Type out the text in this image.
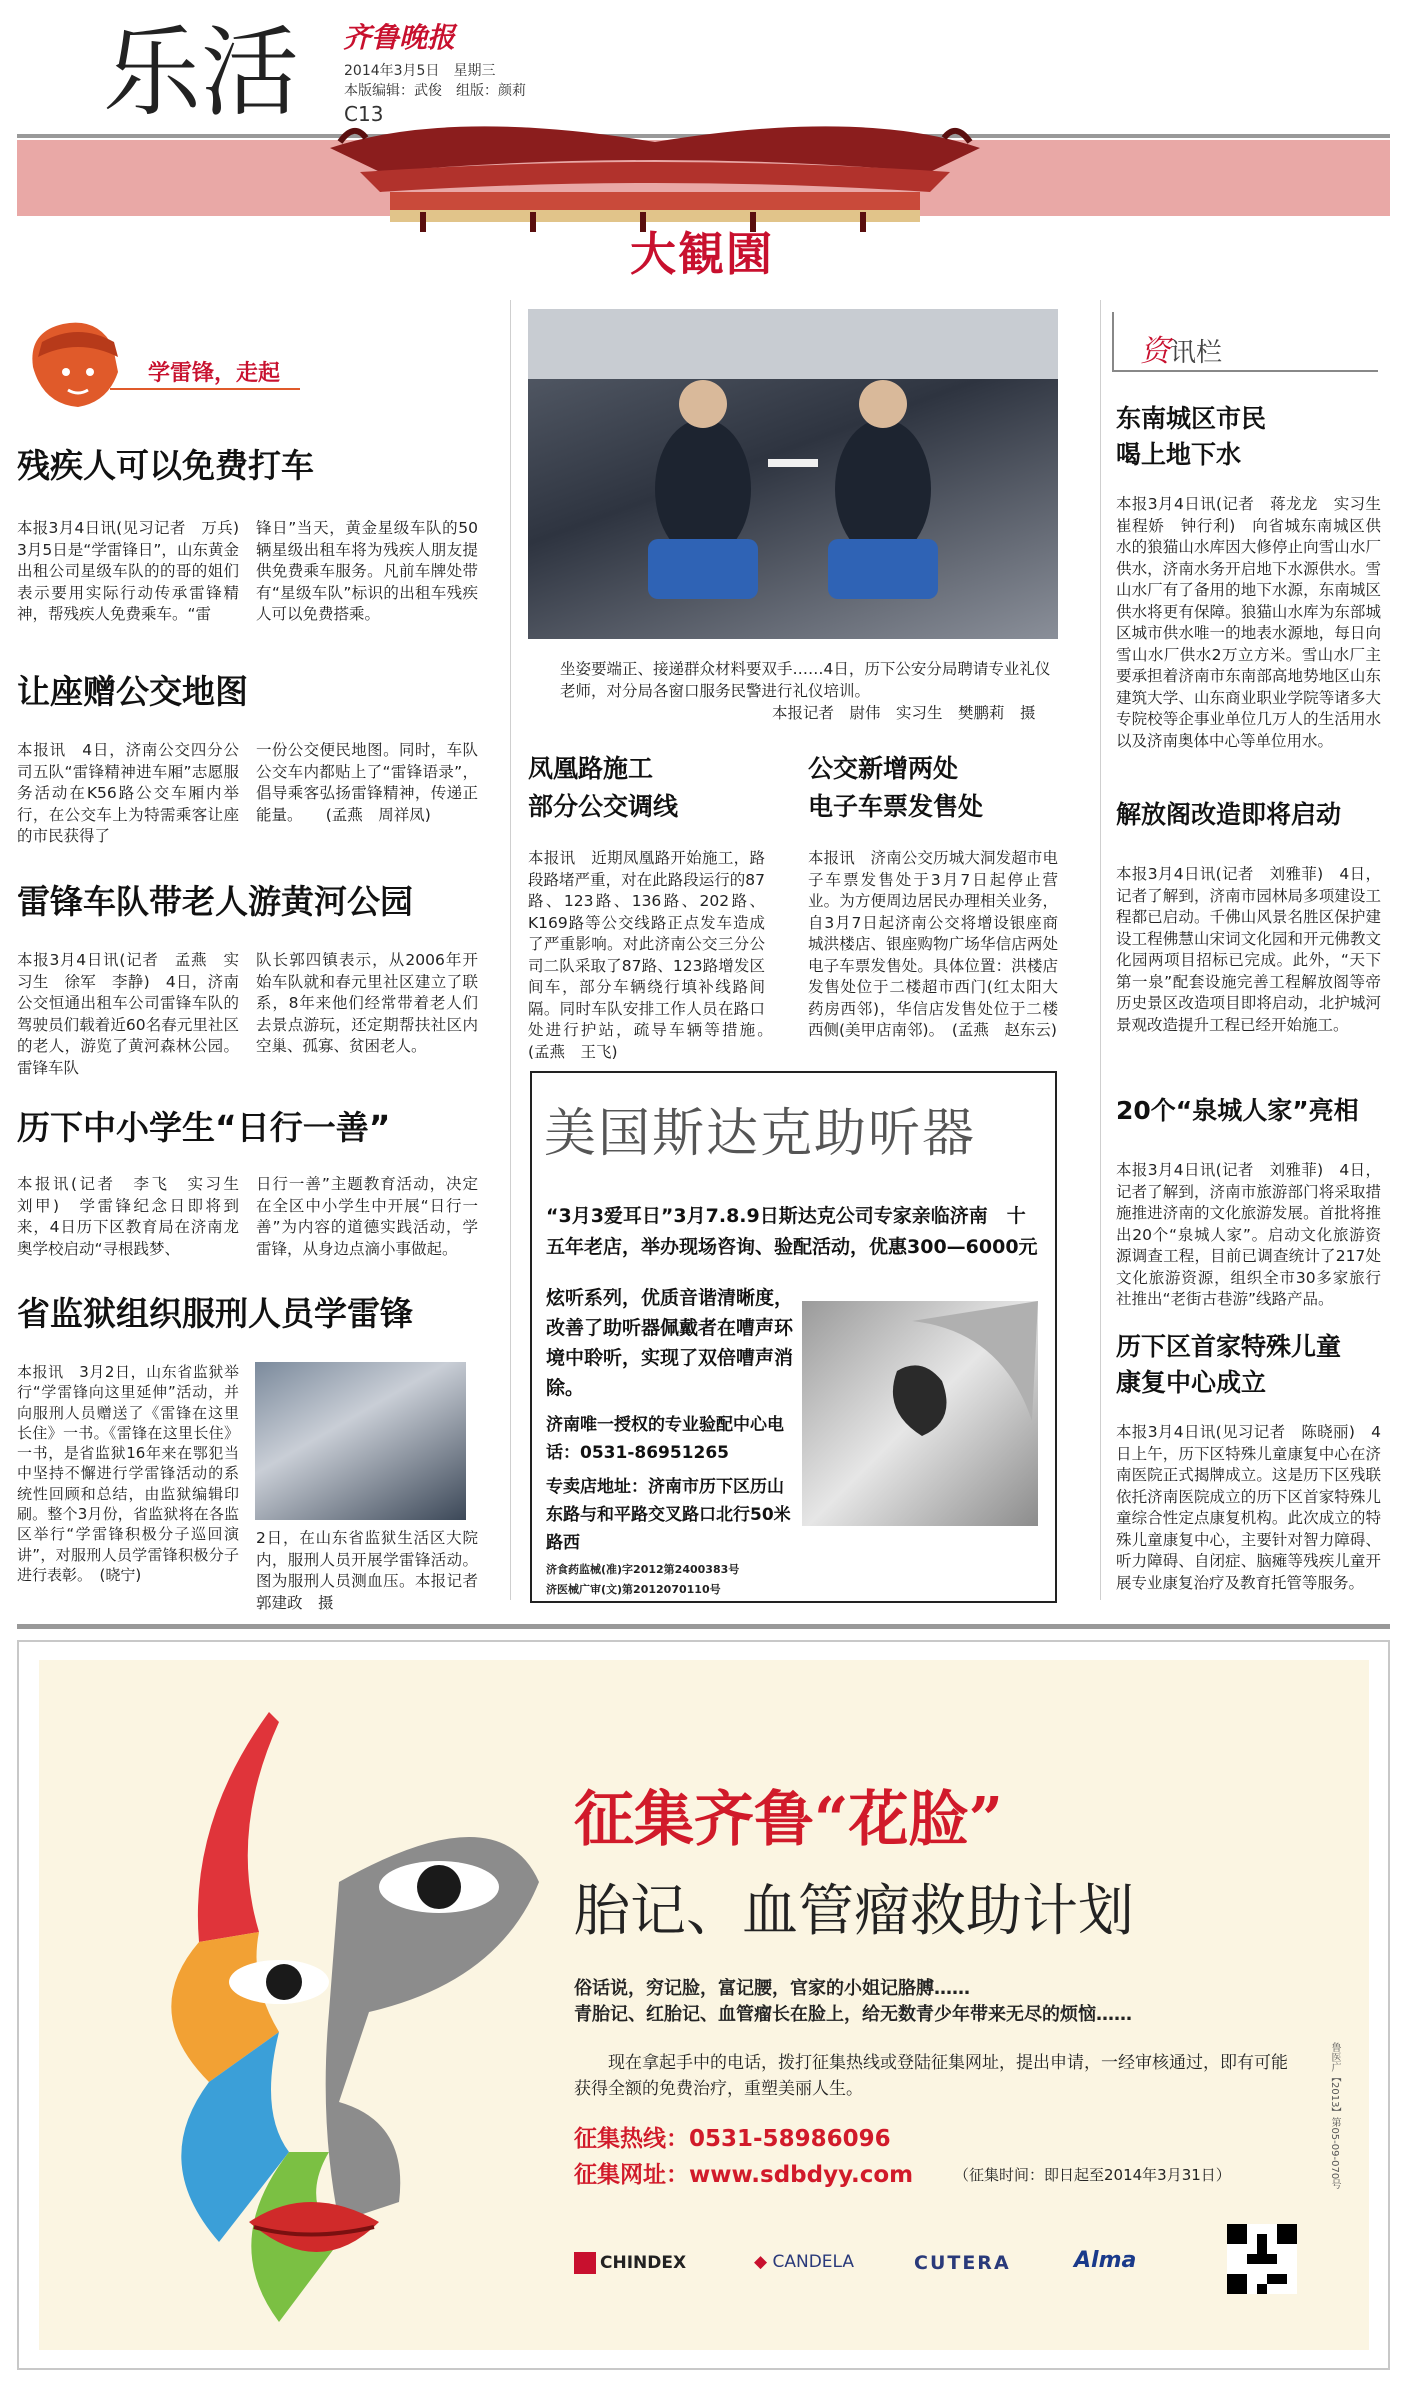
乐活 齐鲁晚报
2014年3月5日　星期三
本版编辑：武俊　组版：颜莉
C13
大観園
学雷锋，走起
残疾人可以免费打车
本报3月4日讯(见习记者　万兵)　3月5日是“学雷锋日”，山东黄金出租公司星级车队的的哥的姐们表示要用实际行动传承雷锋精神，帮残疾人免费乘车。“雷
锋日”当天，黄金星级车队的50辆星级出租车将为残疾人朋友提供免费乘车服务。凡前车牌处带有“星级车队”标识的出租车残疾人可以免费搭乘。
让座赠公交地图
本报讯　4日，济南公交四分公司五队“雷锋精神进车厢”志愿服务活动在K56路公交车厢内举行，在公交车上为特需乘客让座的市民获得了
一份公交便民地图。同时，车队公交车内都贴上了“雷锋语录”，倡导乘客弘扬雷锋精神，传递正能量。　　(孟燕　周祥凤)
雷锋车队带老人游黄河公园
本报3月4日讯(记者　孟燕　实习生　徐军　李静)　4日，济南公交恒通出租车公司雷锋车队的驾驶员们载着近60名春元里社区的老人，游览了黄河森林公园。雷锋车队
队长郭四镇表示，从2006年开始车队就和春元里社区建立了联系，8年来他们经常带着老人们去景点游玩，还定期帮扶社区内空巢、孤寡、贫困老人。
历下中小学生“日行一善”
本报讯(记者　李飞　实习生　刘甲)　学雷锋纪念日即将到来，4日历下区教育局在济南龙奥学校启动“寻根践梦、
日行一善”主题教育活动，决定在全区中小学生中开展“日行一善”为内容的道德实践活动，学雷锋，从身边点滴小事做起。
省监狱组织服刑人员学雷锋
本报讯　3月2日，山东省监狱举行“学雷锋向这里延伸”活动，并向服刑人员赠送了《雷锋在这里长住》一书。《雷锋在这里长住》一书，是省监狱16年来在鄂犯当中坚持不懈进行学雷锋活动的系统性回顾和总结，由监狱编辑印刷。整个3月份，省监狱将在各监区举行“学雷锋积极分子巡回演讲”，对服刑人员学雷锋积极分子进行表彰。　(晓宁)
2日，在山东省监狱生活区大院内，服刑人员开展学雷锋活动。图为服刑人员测血压。本报记者　郭建政　摄
坐姿要端正、接递群众材料要双手……4日，历下公安分局聘请专业礼仪老师，对分局各窗口服务民警进行礼仪培训。
本报记者　尉伟　实习生　樊鹏莉　摄
凤凰路施工
部分公交调线
本报讯　近期凤凰路开始施工，路段路堵严重，对在此路段运行的87路、123路、136路、202路、K169路等公交线路正点发车造成了严重影响。对此济南公交三分公司二队采取了87路、123路增发区间车，部分车辆绕行填补线路间隔。同时车队安排工作人员在路口处进行护站，疏导车辆等措施。　　　(孟燕　王飞)
公交新增两处
电子车票发售处
本报讯　济南公交历城大洞发超市电子车票发售处于3月7日起停止营业。为方便周边居民办理相关业务，自3月7日起济南公交将增设银座商城洪楼店、银座购物广场华信店两处电子车票发售处。具体位置：洪楼店发售处位于二楼超市西门(红太阳大药房西邻)，华信店发售处位于二楼西侧(美甲店南邻)。　(孟燕　赵东云)
美国斯达克助听器
“3月3爱耳日”3月7.8.9日斯达克公司专家亲临济南　十五年老店，举办现场咨询、验配活动，优惠300—6000元
炫听系列，优质音谐清晰度，改善了助听器佩戴者在嘈声环境中聆听，实现了双倍嘈声消除。
济南唯一授权的专业验配中心电话：0531-86951265
专卖店地址：济南市历下区历山东路与和平路交叉路口北行50米路西
济食药监械(准)字2012第2400383号
济医械广审(文)第2012070110号
资讯栏
东南城区市民
喝上地下水
本报3月4日讯(记者　蒋龙龙　实习生　崔程娇　钟行利)　向省城东南城区供水的狼猫山水库因大修停止向雪山水厂供水，济南水务开启地下水源供水。雪山水厂有了备用的地下水源，东南城区供水将更有保障。狼猫山水库为东部城区城市供水唯一的地表水源地，每日向雪山水厂供水2万立方米。雪山水厂主要承担着济南市东南部高地势地区山东建筑大学、山东商业职业学院等诸多大专院校等企事业单位几万人的生活用水以及济南奥体中心等单位用水。
解放阁改造即将启动
本报3月4日讯(记者　刘雅菲)　4日，记者了解到，济南市园林局多项建设工程都已启动。千佛山风景名胜区保护建设工程佛慧山宋词文化园和开元佛教文化园两项目招标已完成。此外，“天下第一泉”配套设施完善工程解放阁等帝历史景区改造项目即将启动，北护城河景观改造提升工程已经开始施工。
20个“泉城人家”亮相
本报3月4日讯(记者　刘雅菲)　4日，记者了解到，济南市旅游部门将采取措施推进济南的文化旅游发展。首批将推出20个“泉城人家”。启动文化旅游资源调查工程，目前已调查统计了217处文化旅游资源，组织全市30多家旅行社推出“老街古巷游”线路产品。
历下区首家特殊儿童
康复中心成立
本报3月4日讯(见习记者　陈晓丽)　4日上午，历下区特殊儿童康复中心在济南医院正式揭牌成立。这是历下区残联依托济南医院成立的历下区首家特殊儿童综合性定点康复机构。此次成立的特殊儿童康复中心，主要针对智力障碍、听力障碍、自闭症、脑瘫等残疾儿童开展专业康复治疗及教育托管等服务。
征集齐鲁“花脸”
胎记、血管瘤救助计划
俗话说，穷记脸，富记腰，官家的小姐记胳膊……
青胎记、红胎记、血管瘤长在脸上，给无数青少年带来无尽的烦恼……
现在拿起手中的电话，拨打征集热线或登陆征集网址，提出申请，一经审核通过，即有可能获得全额的免费治疗，重塑美丽人生。
征集热线：0531-58986096
征集网址：www.sdbdyy.com	（征集时间：即日起至2014年3月31日）
CHINDEX	◆ CANDELA	CUTERA	Alma
鲁医广【2013】第05-09-070号
